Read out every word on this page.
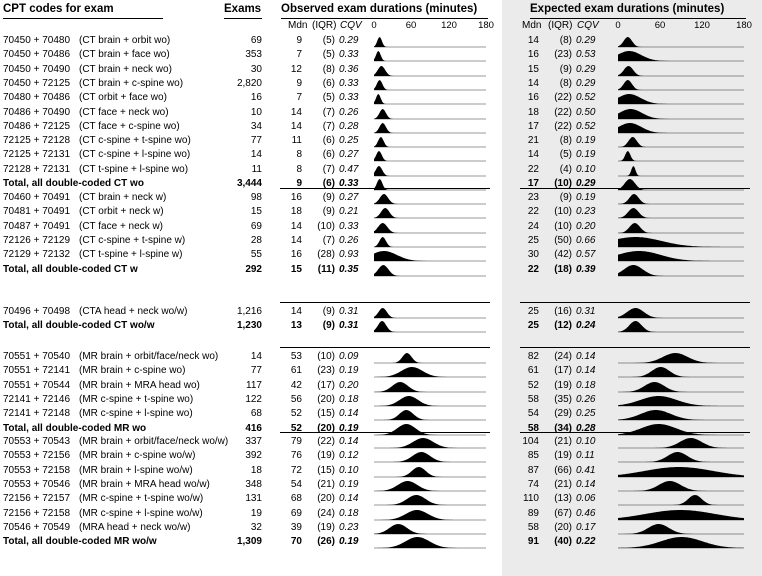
CPT codes for exam	Exams Observed exam durations (minutes)	Expected exam durations (minutes)
Mdn (IQR) CQV 0	60	120 180	Mdn (IQR) CQV 0	60	120	180
70450 + 70480 (CT brain + orbit wo)	69	9 (5) 0.29	14 (8) 0.29
70450 + 70486 (CT brain + face wo)	353	7 (5) 0.33	16 (23) 0.53
70450 + 70490 (CT brain + neck wo)	30	12 (8) 0.36	15 (9) 0.29
70450 + 72125 (CT brain + c-spine wo)	2,820	9 (6) 0.33	14 (8) 0.29
70480 + 70486 (CT orbit + face wo)	16	7 (5) 0.33	16 (22) 0.52
70486 + 70490 (CT face + neck wo)	10	14 (7) 0.26	18 (22) 0.50
70486 + 72125 (CT face + c-spine wo)	34	14 (7) 0.28	17 (22) 0.52
72125 + 72128 (CT c-spine + t-spine wo)	77	11 (6) 0.25	21 (8) 0.19
72125 + 72131 (CT c-spine + l-spine wo)	14	8 (6) 0.27	14 (5) 0.19
72128 + 72131 (CT t-spine + l-spine wo)	11	8 (7) 0.47	22 (4) 0.10
Total, all double-coded CT wo	3,444	9 (6) 0.33	17 (10) 0.29
70460 + 70491 (CT brain + neck w)	98	16 (9) 0.27	23 (9) 0.19
70481 + 70491 (CT orbit + neck w)	15	18 (9) 0.21	22 (10) 0.23
70487 + 70491 (CT face + neck w)	69	14 (10) 0.33	24 (10) 0.20
72126 + 72129 (CT c-spine + t-spine w)	28	14 (7) 0.26	25 (50) 0.66
72129 + 72132 (CT t-spine + l-spine w)	55	16 (28) 0.93	30 (42) 0.57
Total, all double-coded CT w	292	15 (11) 0.35	22 (18) 0.39
70496 + 70498 (CTA head + neck wo/w)	1,216	14 (9) 0.31	25 (16) 0.31
Total, all double-coded CT wo/w	1,230	13 (9) 0.31	25 (12) 0.24
70551 + 70540 (MR brain + orbit/face/neck wo)	14	53 (10) 0.09	82 (24) 0.14
70551 + 72141 (MR brain + c-spine wo)	77	61 (23) 0.19	61 (17) 0.14
70551 + 70544 (MR brain + MRA head wo)	117	42 (17) 0.20	52 (19) 0.18
72141 + 72146 (MR c-spine + t-spine wo)	122	56 (20) 0.18	58 (35) 0.26
72141 + 72148 (MR c-spine + l-spine wo)	68	52 (15) 0.14	54 (29) 0.25
Total, all double-coded MR wo	416	52 (20) 0.19	58 (34) 0.28
70553 + 70543 (MR brain + orbit/face/neck wo/w) 337	79 (22) 0.14	104 (21) 0.10
70553 + 72156 (MR brain + c-spine wo/w)	392	76 (19) 0.12	85 (19) 0.11
70553 + 72158 (MR brain + l-spine wo/w)	18	72 (15) 0.10	87 (66) 0.41
70553 + 70546 (MR brain + MRA head wo/w)	348	54 (21) 0.19	74 (21) 0.14
72156 + 72157 (MR c-spine + t-spine wo/w)	131	68 (20) 0.14	110 (13) 0.06
72156 + 72158 (MR c-spine + l-spine wo/w)	19	69 (24) 0.18	89 (67) 0.46
70546 + 70549 (MRA head + neck wo/w)	32	39 (19) 0.23	58 (20) 0.17
Total, all double-coded MR wo/w	1,309	70 (26) 0.19	91 (40) 0.22
